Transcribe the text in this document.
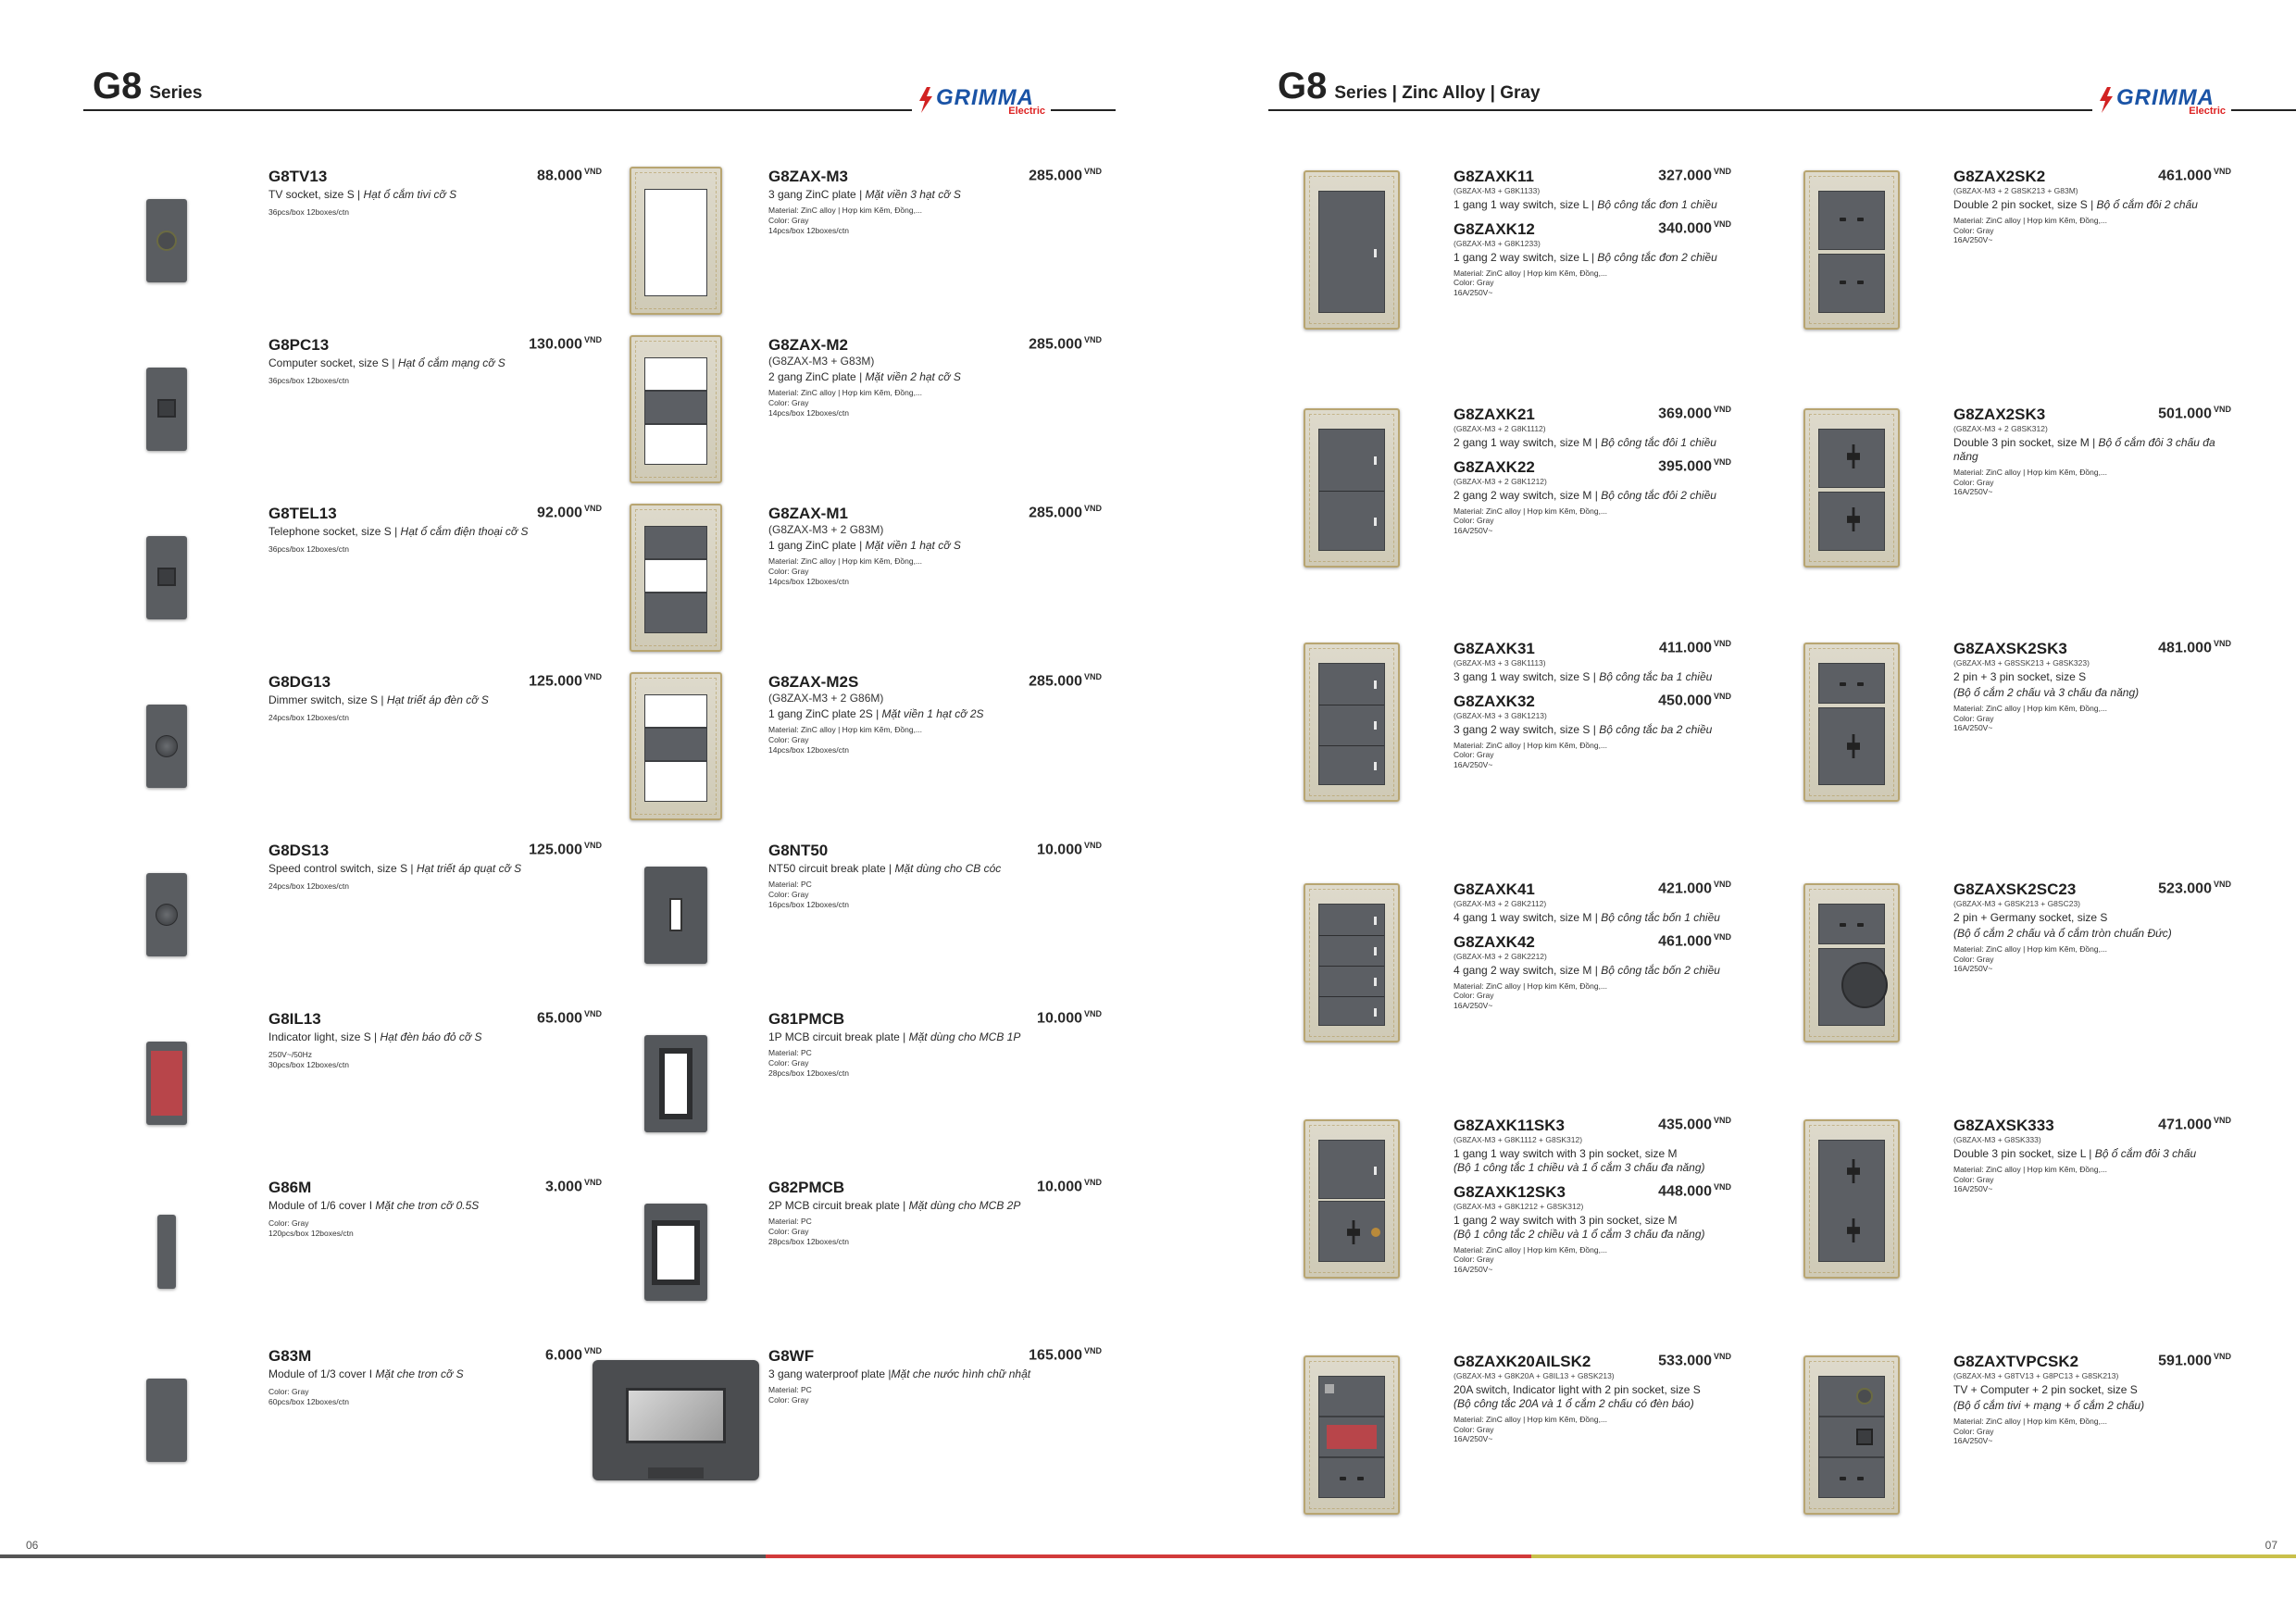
G8 Series	GRIMMA
Electric
G8 Series | Zinc Alloy | Gray	GRIMMA
Electric
G8TV13	88.000 $^{VND}$
TV socket, size S | Hạt ổ cắm tivi cỡ S
36pcs/box 12boxes/ctn
G8PC13	130.000 $^{VND}$
Computer socket, size S | Hạt ổ cắm mạng cỡ S
36pcs/box 12boxes/ctn
G8TEL13	92.000 $^{VND}$
Telephone socket, size S | Hạt ổ cắm điện thoại cỡ S
36pcs/box 12boxes/ctn
G8DG13	125.000 $^{VND}$
Dimmer switch, size S | Hạt triết áp đèn cỡ S
24pcs/box 12boxes/ctn
G8DS13	125.000 $^{VND}$
Speed control switch, size S | Hạt triết áp quạt cỡ S
24pcs/box 12boxes/ctn
G8IL13	65.000 $^{VND}$
Indicator light, size S | Hạt đèn báo đỏ cỡ S
250V~/50Hz
30pcs/box 12boxes/ctn
G86M	3.000 $^{VND}$
Module of 1/6 cover I Mặt che trơn cỡ 0.5S
Color: Gray
120pcs/box 12boxes/ctn
G83M	6.000 $^{VND}$
Module of 1/3 cover I Mặt che trơn cỡ S
Color: Gray
60pcs/box 12boxes/ctn
G8ZAX-M3	285.000 $^{VND}$
3 gang ZinC plate | Mặt viền 3 hạt cỡ S
Material: ZinC alloy | Hợp kim Kẽm, Đồng,...
Color: Gray
14pcs/box 12boxes/ctn
G8ZAX-M2	285.000 $^{VND}$
(G8ZAX-M3 + G83M)
2 gang ZinC plate | Mặt viền 2 hạt cỡ S
Material: ZinC alloy | Hợp kim Kẽm, Đồng,...
Color: Gray
14pcs/box 12boxes/ctn
G8ZAX-M1	285.000 $^{VND}$
(G8ZAX-M3 + 2 G83M)
1 gang ZinC plate | Mặt viền 1 hạt cỡ S
Material: ZinC alloy | Hợp kim Kẽm, Đồng,...
Color: Gray
14pcs/box 12boxes/ctn
G8ZAX-M2S	285.000 $^{VND}$
(G8ZAX-M3 + 2 G86M)
1 gang ZinC plate 2S | Mặt viền 1 hạt cỡ 2S
Material: ZinC alloy | Hợp kim Kẽm, Đồng,...
Color: Gray
14pcs/box 12boxes/ctn
G8NT50	10.000 $^{VND}$
NT50 circuit break plate | Mặt dùng cho CB cóc
Material: PC
Color: Gray
16pcs/box 12boxes/ctn
G81PMCB	10.000 $^{VND}$
1P MCB circuit break plate | Mặt dùng cho MCB 1P
Material: PC
Color: Gray
28pcs/box 12boxes/ctn
G82PMCB	10.000 $^{VND}$
2P MCB circuit break plate | Mặt dùng cho MCB 2P
Material: PC
Color: Gray
28pcs/box 12boxes/ctn
G8WF	165.000 $^{VND}$
3 gang waterproof plate |Mặt che nước hình chữ nhật
Material: PC
Color: Gray
G8ZAXK11	327.000 $^{VND}$
(G8ZAX-M3 + G8K1133)
1 gang 1 way switch, size L | Bộ công tắc đơn 1 chiều
G8ZAXK12	340.000 $^{VND}$
(G8ZAX-M3 + G8K1233)
1 gang 2 way switch, size L | Bộ công tắc đơn 2 chiều
Material: ZinC alloy | Hợp kim Kẽm, Đồng,...
Color: Gray
16A/250V~
G8ZAXK21	369.000 $^{VND}$
(G8ZAX-M3 + 2 G8K1112)
2 gang 1 way switch, size M | Bộ công tắc đôi 1 chiều
G8ZAXK22	395.000 $^{VND}$
(G8ZAX-M3 + 2 G8K1212)
2 gang 2 way switch, size M | Bộ công tắc đôi 2 chiều
Material: ZinC alloy | Hợp kim Kẽm, Đồng,...
Color: Gray
16A/250V~
G8ZAXK31	411.000 $^{VND}$
(G8ZAX-M3 + 3 G8K1113)
3 gang 1 way switch, size S | Bộ công tắc ba 1 chiều
G8ZAXK32	450.000 $^{VND}$
(G8ZAX-M3 + 3 G8K1213)
3 gang 2 way switch, size S | Bộ công tắc ba 2 chiều
Material: ZinC alloy | Hợp kim Kẽm, Đồng,...
Color: Gray
16A/250V~
G8ZAXK41	421.000 $^{VND}$
(G8ZAX-M3 + 2 G8K2112)
4 gang 1 way switch, size M | Bộ công tắc bốn 1 chiều
G8ZAXK42	461.000 $^{VND}$
(G8ZAX-M3 + 2 G8K2212)
4 gang 2 way switch, size M | Bộ công tắc bốn 2 chiều
Material: ZinC alloy | Hợp kim Kẽm, Đồng,...
Color: Gray
16A/250V~
G8ZAXK11SK3	435.000 $^{VND}$
(G8ZAX-M3 + G8K1112 + G8SK312)
1 gang 1 way switch with 3 pin socket, size M
(Bộ 1 công tắc 1 chiều và 1 ổ cắm 3 chấu đa năng)
G8ZAXK12SK3	448.000 $^{VND}$
(G8ZAX-M3 + G8K1212 + G8SK312)
1 gang 2 way switch with 3 pin socket, size M
(Bộ 1 công tắc 2 chiều và 1 ổ cắm 3 chấu đa năng)
Material: ZinC alloy | Hợp kim Kẽm, Đồng,...
Color: Gray
16A/250V~
G8ZAXK20AILSK2	533.000 $^{VND}$
(G8ZAX-M3 + G8K20A + G8IL13 + G8SK213)
20A switch, Indicator light with 2 pin socket, size S
(Bộ công tắc 20A và 1 ổ cắm 2 chấu có đèn báo)
Material: ZinC alloy | Hợp kim Kẽm, Đồng,...
Color: Gray
16A/250V~
G8ZAX2SK2	461.000 $^{VND}$
(G8ZAX-M3 + 2 G8SK213 + G83M)
Double 2 pin socket, size S | Bộ ổ cắm đôi 2 chấu
Material: ZinC alloy | Hợp kim Kẽm, Đồng,...
Color: Gray
16A/250V~
G8ZAX2SK3	501.000 $^{VND}$
(G8ZAX-M3 + 2 G8SK312)
Double 3 pin socket, size M | Bộ ổ cắm đôi 3 chấu đa năng
Material: ZinC alloy | Hợp kim Kẽm, Đồng,...
Color: Gray
16A/250V~
G8ZAXSK2SK3	481.000 $^{VND}$
(G8ZAX-M3 + G8SSK213 + G8SK323)
2 pin + 3 pin socket, size S
(Bộ ổ cắm 2 chấu và 3 chấu đa năng)
Material: ZinC alloy | Hợp kim Kẽm, Đồng,...
Color: Gray
16A/250V~
G8ZAXSK2SC23	523.000 $^{VND}$
(G8ZAX-M3 + G8SK213 + G8SC23)
2 pin + Germany socket, size S
(Bộ ổ cắm 2 chấu và ổ cắm tròn chuẩn Đức)
Material: ZinC alloy | Hợp kim Kẽm, Đồng,...
Color: Gray
16A/250V~
G8ZAXSK333	471.000 $^{VND}$
(G8ZAX-M3 + G8SK333)
Double 3 pin socket, size L | Bộ ổ cắm đôi 3 chấu
Material: ZinC alloy | Hợp kim Kẽm, Đồng,...
Color: Gray
16A/250V~
G8ZAXTVPCSK2	591.000 $^{VND}$
(G8ZAX-M3 + G8TV13 + G8PC13 + G8SK213)
TV + Computer + 2 pin socket, size S
(Bộ ổ cắm tivi + mạng + ổ cắm 2 chấu)
Material: ZinC alloy | Hợp kim Kẽm, Đồng,...
Color: Gray
16A/250V~
06	07
